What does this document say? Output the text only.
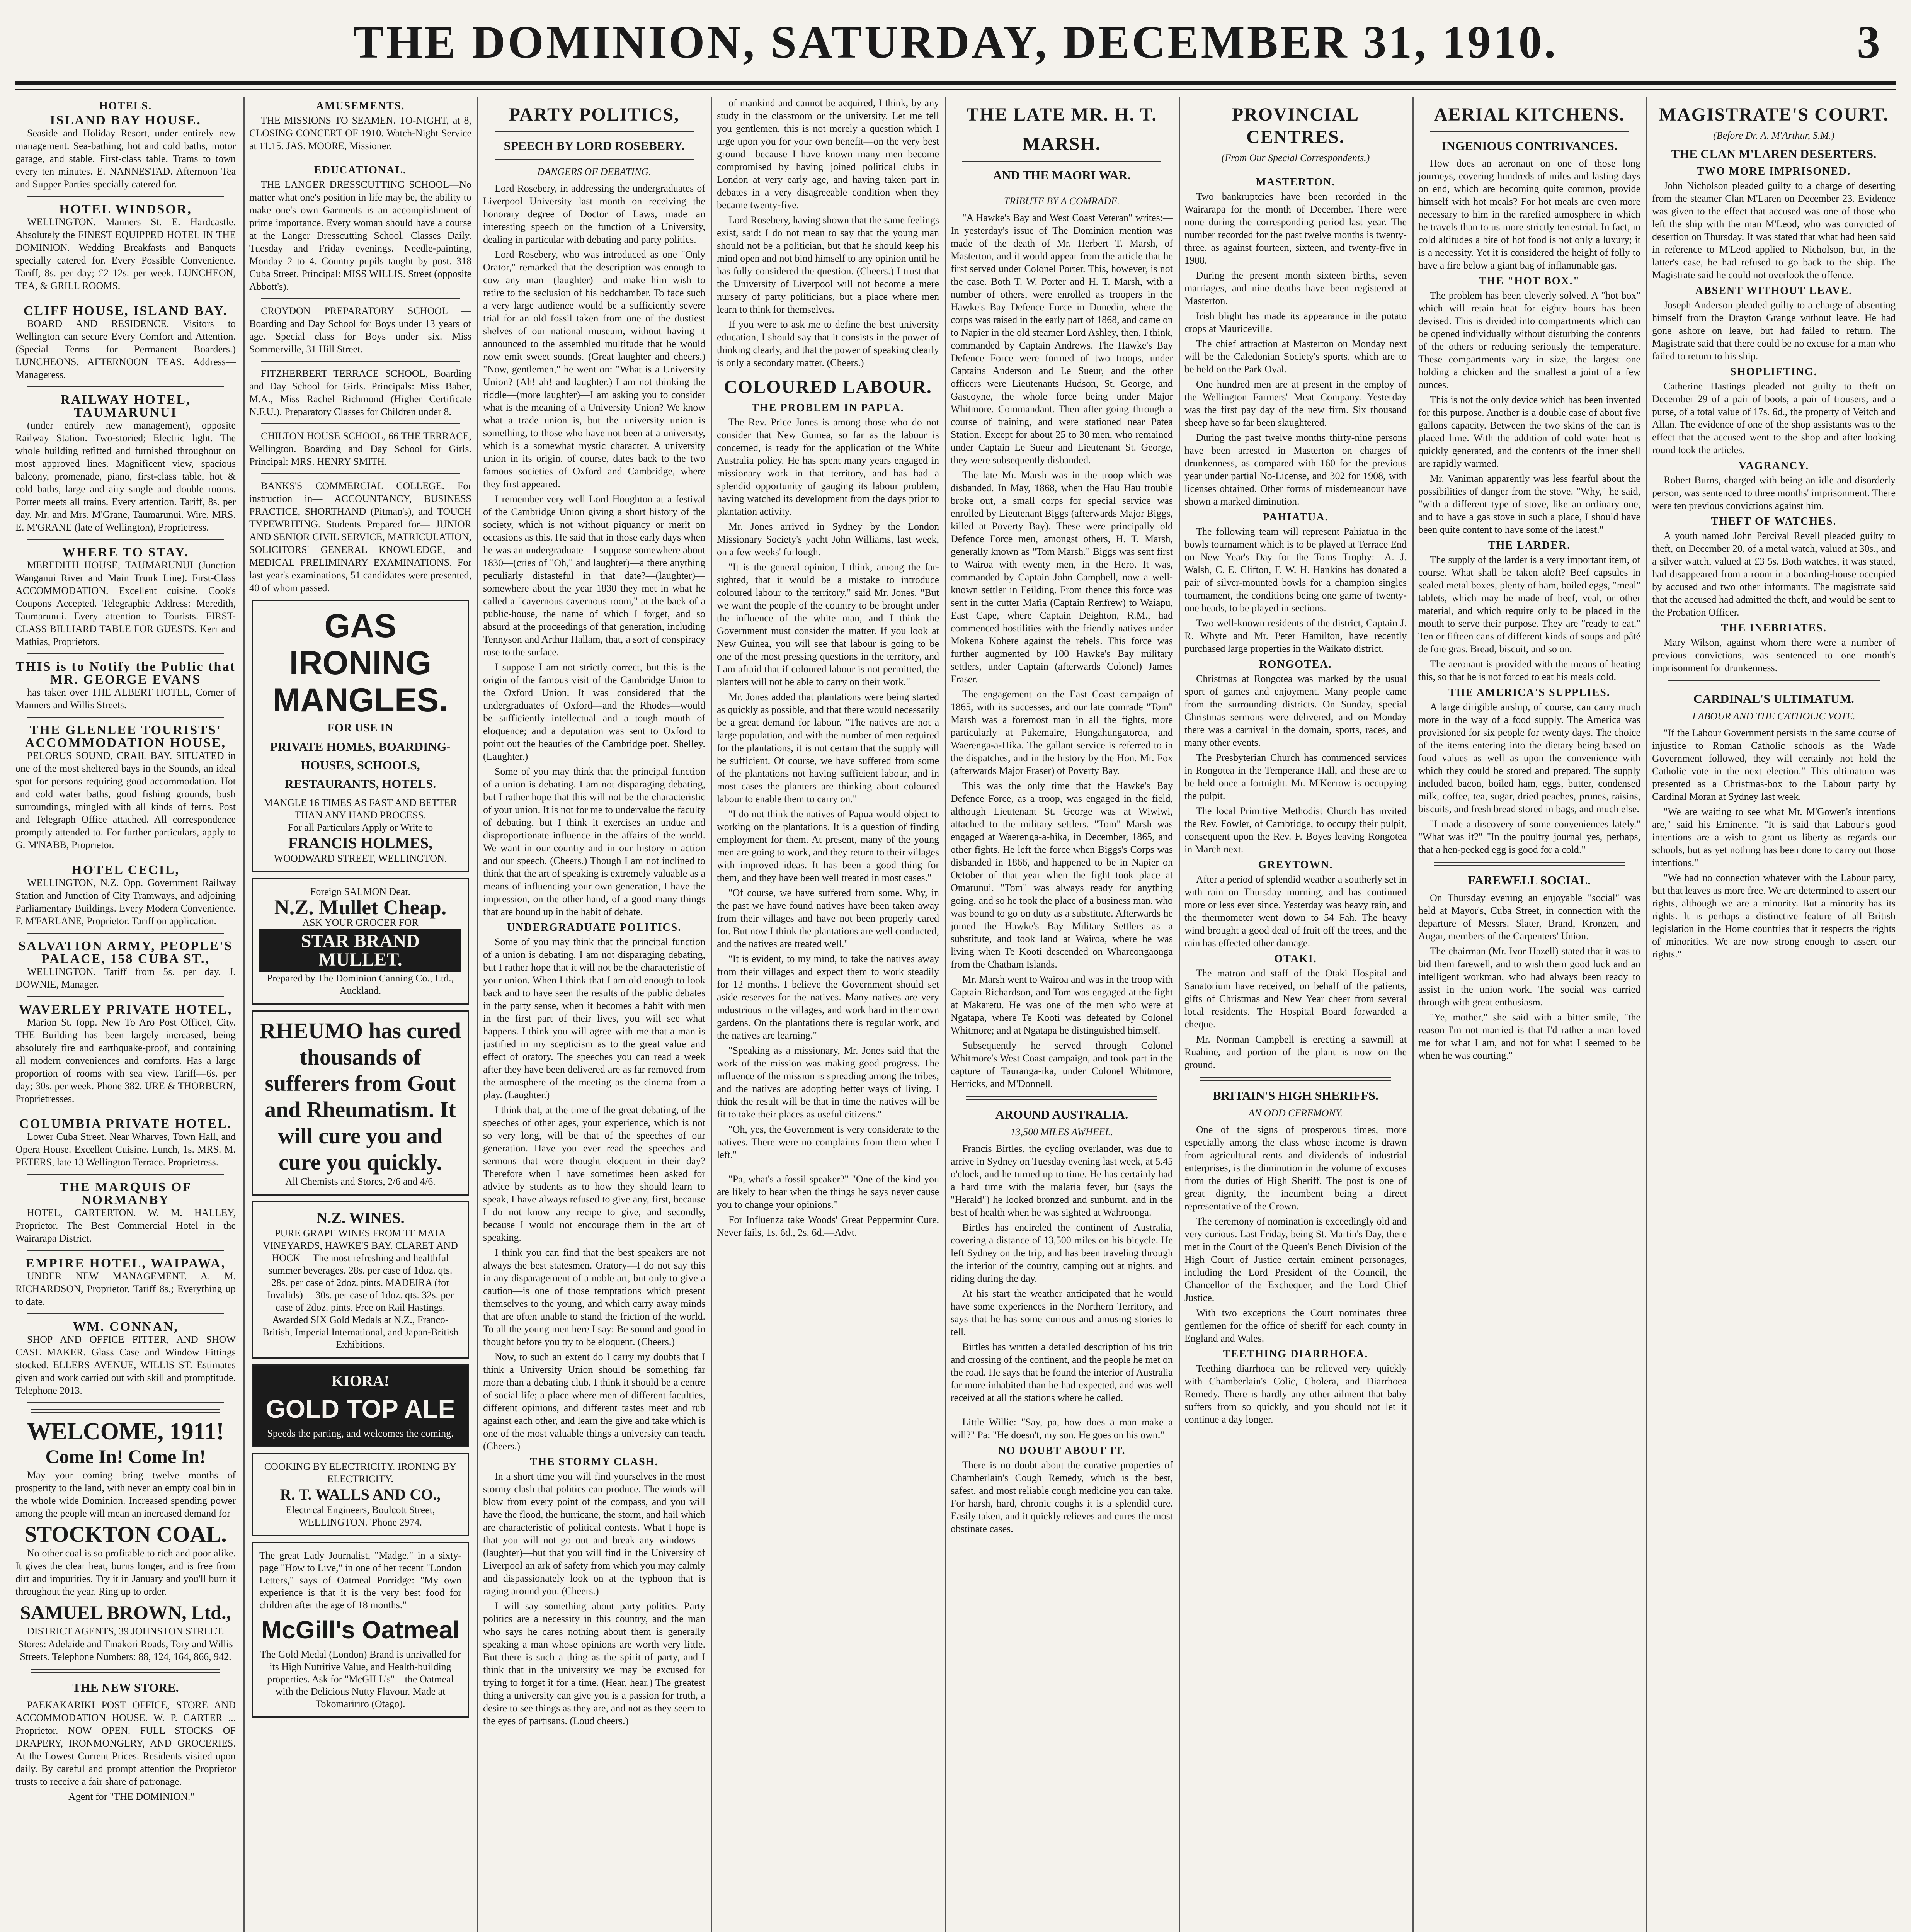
THE DOMINION, SATURDAY, DECEMBER 31, 1910.	3
HOTELS.
ISLAND BAY HOUSE.

Seaside and Holiday Resort, under entirely new management. Sea-bathing, hot and cold baths, motor garage, and stable. First-class table. Trams to town every ten minutes. E. NANNESTAD. Afternoon Tea and Supper Parties specially catered for.

HOTEL WINDSOR,

WELLINGTON. Manners St. E. Hardcastle. Absolutely the FINEST EQUIPPED HOTEL IN THE DOMINION. Wedding Breakfasts and Banquets specially catered for. Every Possible Convenience. Tariff, 8s. per day; £2 12s. per week. LUNCHEON, TEA, & GRILL ROOMS.

CLIFF HOUSE, ISLAND BAY.

BOARD AND RESIDENCE. Visitors to Wellington can secure Every Comfort and Attention. (Special Terms for Permanent Boarders.) LUNCHEONS. AFTERNOON TEAS. Address—Manageress.

RAILWAY HOTEL, TAUMARUNUI

(under entirely new management), opposite Railway Station. Two-storied; Electric light. The whole building refitted and furnished throughout on most approved lines. Magnificent view, spacious balcony, promenade, piano, first-class table, hot & cold baths, large and airy single and double rooms. Porter meets all trains. Every attention. Tariff, 8s. per day. Mr. and Mrs. M'Grane, Taumarunui. Wire, MRS. E. M'GRANE (late of Wellington), Proprietress.

WHERE TO STAY.

MEREDITH HOUSE, TAUMARUNUI (Junction Wanganui River and Main Trunk Line). First-Class ACCOMMODATION. Excellent cuisine. Cook's Coupons Accepted. Telegraphic Address: Meredith, Taumarunui. Every attention to Tourists. FIRST-CLASS BILLIARD TABLE FOR GUESTS. Kerr and Mathias, Proprietors.

THIS is to Notify the Public that MR. GEORGE EVANS

has taken over THE ALBERT HOTEL, Corner of Manners and Willis Streets.

THE GLENLEE TOURISTS' ACCOMMODATION HOUSE,

PELORUS SOUND, CRAIL BAY. SITUATED in one of the most sheltered bays in the Sounds, an ideal spot for persons requiring good accommodation. Hot and cold water baths, good fishing grounds, bush surroundings, mingled with all kinds of ferns. Post and Telegraph Office attached. All correspondence promptly attended to. For further particulars, apply to G. M'NABB, Proprietor.

HOTEL CECIL,

WELLINGTON, N.Z. Opp. Government Railway Station and Junction of City Tramways, and adjoining Parliamentary Buildings. Every Modern Convenience. F. M'FARLANE, Proprietor. Tariff on application.

SALVATION ARMY, PEOPLE'S PALACE, 158 CUBA ST.,

WELLINGTON. Tariff from 5s. per day. J. DOWNIE, Manager.

WAVERLEY PRIVATE HOTEL,

Marion St. (opp. New To Aro Post Office), City. THE Building has been largely increased, being absolutely fire and earthquake-proof, and containing all modern conveniences and comforts. Has a large proportion of rooms with sea view. Tariff—6s. per day; 30s. per week. Phone 382. URE & THORBURN, Proprietresses.

COLUMBIA PRIVATE HOTEL.

Lower Cuba Street. Near Wharves, Town Hall, and Opera House. Excellent Cuisine. Lunch, 1s. MRS. M. PETERS, late 13 Wellington Terrace. Proprietress.

THE MARQUIS OF NORMANBY

HOTEL, CARTERTON. W. M. HALLEY, Proprietor. The Best Commercial Hotel in the Wairarapa District.

EMPIRE HOTEL, WAIPAWA,

UNDER NEW MANAGEMENT. A. M. RICHARDSON, Proprietor. Tariff 8s.; Everything up to date.

WM. CONNAN,

SHOP AND OFFICE FITTER, AND SHOW CASE MAKER. Glass Case and Window Fittings stocked. ELLERS AVENUE, WILLIS ST. Estimates given and work carried out with skill and promptitude. Telephone 2013.

WELCOME, 1911!
Come In! Come In!

May your coming bring twelve months of prosperity to the land, with never an empty coal bin in the whole wide Dominion. Increased spending power among the people will mean an increased demand for

STOCKTON COAL.

No other coal is so profitable to rich and poor alike. It gives the clear heat, burns longer, and is free from dirt and impurities. Try it in January and you'll burn it throughout the year. Ring up to order.

SAMUEL BROWN, Ltd.,

DISTRICT AGENTS, 39 JOHNSTON STREET. Stores: Adelaide and Tinakori Roads, Tory and Willis Streets. Telephone Numbers: 88, 124, 164, 866, 942.

THE NEW STORE.

PAEKAKARIKI POST OFFICE, STORE AND ACCOMMODATION HOUSE. W. P. CARTER ... Proprietor. NOW OPEN. FULL STOCKS OF DRAPERY, IRONMONGERY, AND GROCERIES. At the Lowest Current Prices. Residents visited upon daily. By careful and prompt attention the Proprietor trusts to receive a fair share of patronage.

Agent for "THE DOMINION."

AMUSEMENTS.

THE MISSIONS TO SEAMEN. TO-NIGHT, at 8, CLOSING CONCERT OF 1910. Watch-Night Service at 11.15. JAS. MOORE, Missioner.

EDUCATIONAL.

THE LANGER DRESSCUTTING SCHOOL—No matter what one's position in life may be, the ability to make one's own Garments is an accomplishment of prime importance. Every woman should have a course at the Langer Dresscutting School. Classes Daily. Tuesday and Friday evenings. Needle-painting, Monday 2 to 4. Country pupils taught by post. 318 Cuba Street. Principal: MISS WILLIS. Street (opposite Abbott's).

CROYDON PREPARATORY SCHOOL — Boarding and Day School for Boys under 13 years of age. Special class for Boys under six. Miss Sommerville, 31 Hill Street.

FITZHERBERT TERRACE SCHOOL, Boarding and Day School for Girls. Principals: Miss Baber, M.A., Miss Rachel Richmond (Higher Certificate N.F.U.). Preparatory Classes for Children under 8.

CHILTON HOUSE SCHOOL, 66 THE TERRACE, Wellington. Boarding and Day School for Girls. Principal: MRS. HENRY SMITH.

BANKS'S COMMERCIAL COLLEGE. For instruction in— ACCOUNTANCY, BUSINESS PRACTICE, SHORTHAND (Pitman's), and TOUCH TYPEWRITING. Students Prepared for— JUNIOR AND SENIOR CIVIL SERVICE, MATRICULATION, SOLICITORS' GENERAL KNOWLEDGE, and MEDICAL PRELIMINARY EXAMINATIONS. For last year's examinations, 51 candidates were presented, 40 of whom passed.

GAS
IRONING
MANGLES.
FOR USE IN
PRIVATE HOMES, BOARDING-HOUSES, SCHOOLS, RESTAURANTS, HOTELS.
MANGLE 16 TIMES AS FAST AND BETTER THAN ANY HAND PROCESS.
For all Particulars Apply or Write to
FRANCIS HOLMES,
WOODWARD STREET, WELLINGTON.
Foreign SALMON Dear.
N.Z. Mullet Cheap.
ASK YOUR GROCER FOR
STAR BRAND MULLET.
Prepared by The Dominion Canning Co., Ltd., Auckland.
RHEUMO has cured thousands of sufferers from Gout and Rheumatism. It will cure you and cure you quickly.
All Chemists and Stores, 2/6 and 4/6.
N.Z. WINES.
PURE GRAPE WINES FROM TE MATA VINEYARDS, HAWKE'S BAY. CLARET AND HOCK— The most refreshing and healthful summer beverages. 28s. per case of 1doz. qts. 28s. per case of 2doz. pints. MADEIRA (for Invalids)— 30s. per case of 1doz. qts. 32s. per case of 2doz. pints. Free on Rail Hastings. Awarded SIX Gold Medals at N.Z., Franco-British, Imperial International, and Japan-British Exhibitions.
KIORA!
GOLD TOP ALE
Speeds the parting, and welcomes the coming.
COOKING BY ELECTRICITY. IRONING BY ELECTRICITY.
R. T. WALLS AND CO.,
Electrical Engineers, Boulcott Street, WELLINGTON. 'Phone 2974.
The great Lady Journalist, "Madge," in a sixty-page "How to Live," in one of her recent "London Letters," says of Oatmeal Porridge: "My own experience is that it is the very best food for children after the age of 18 months."
McGill's Oatmeal
The Gold Medal (London) Brand is unrivalled for its High Nutritive Value, and Health-building properties. Ask for "McGILL's"—the Oatmeal with the Delicious Nutty Flavour. Made at Tokomaririro (Otago).
PARTY POLITICS,
SPEECH BY LORD ROSEBERY.
DANGERS OF DEBATING.

Lord Rosebery, in addressing the undergraduates of Liverpool University last month on receiving the honorary degree of Doctor of Laws, made an interesting speech on the function of a University, dealing in particular with debating and party politics.

Lord Rosebery, who was introduced as one "Only Orator," remarked that the description was enough to cow any man—(laughter)—and make him wish to retire to the seclusion of his bedchamber. To face such a very large audience would be a sufficiently severe trial for an old fossil taken from one of the dustiest shelves of our national museum, without having it announced to the assembled multitude that he would now emit sweet sounds. (Great laughter and cheers.) "Now, gentlemen," he went on: "What is a University Union? (Ah! ah! and laughter.) I am not thinking the riddle—(more laughter)—I am asking you to consider what is the meaning of a University Union? We know what a trade union is, but the university union is something, to those who have not been at a university, which is a somewhat mystic character. A university union in its origin, of course, dates back to the two famous societies of Oxford and Cambridge, where they first appeared.

I remember very well Lord Houghton at a festival of the Cambridge Union giving a short history of the society, which is not without piquancy or merit on occasions as this. He said that in those early days when he was an undergraduate—I suppose somewhere about 1830—(cries of "Oh," and laughter)—a there anything peculiarly distasteful in that date?—(laughter)—somewhere about the year 1830 they met in what he called a "cavernous cavernous room," at the back of a public-house, the name of which I forget, and so absurd at the proceedings of that generation, including Tennyson and Arthur Hallam, that, a sort of conspiracy rose to the surface.

I suppose I am not strictly correct, but this is the origin of the famous visit of the Cambridge Union to the Oxford Union. It was considered that the undergraduates of Oxford—and the Rhodes—would be sufficiently intellectual and a tough mouth of eloquence; and a deputation was sent to Oxford to point out the beauties of the Cambridge poet, Shelley. (Laughter.)

Some of you may think that the principal function of a union is debating. I am not disparaging debating, but I rather hope that this will not be the characteristic of your union. It is not for me to undervalue the faculty of debating, but I think it exercises an undue and disproportionate influence in the affairs of the world. We want in our country and in our history in action and our speech. (Cheers.) Though I am not inclined to think that the art of speaking is extremely valuable as a means of influencing your own generation, I have the impression, on the other hand, of a good many things that are bound up in the habit of debate.

UNDERGRADUATE POLITICS.

Some of you may think that the principal function of a union is debating. I am not disparaging debating, but I rather hope that it will not be the characteristic of your union. When I think that I am old enough to look back and to have seen the results of the public debates in the party sense, when it becomes a habit with men in the first part of their lives, you will see what happens. I think you will agree with me that a man is justified in my scepticism as to the great value and effect of oratory. The speeches you can read a week after they have been delivered are as far removed from the atmosphere of the meeting as the cinema from a play. (Laughter.)

I think that, at the time of the great debating, of the speeches of other ages, your experience, which is not so very long, will be that of the speeches of our generation. Have you ever read the speeches and sermons that were thought eloquent in their day? Therefore when I have sometimes been asked for advice by students as to how they should learn to speak, I have always refused to give any, first, because I do not know any recipe to give, and secondly, because I would not encourage them in the art of speaking.

I think you can find that the best speakers are not always the best statesmen. Oratory—I do not say this in any disparagement of a noble art, but only to give a caution—is one of those temptations which present themselves to the young, and which carry away minds that are often unable to stand the friction of the world. To all the young men here I say: Be sound and good in thought before you try to be eloquent. (Cheers.)

Now, to such an extent do I carry my doubts that I think a University Union should be something far more than a debating club. I think it should be a centre of social life; a place where men of different faculties, different opinions, and different tastes meet and rub against each other, and learn the give and take which is one of the most valuable things a university can teach. (Cheers.)

THE STORMY CLASH.

In a short time you will find yourselves in the most stormy clash that politics can produce. The winds will blow from every point of the compass, and you will have the flood, the hurricane, the storm, and hail which are characteristic of political contests. What I hope is that you will not go out and break any windows—(laughter)—but that you will find in the University of Liverpool an ark of safety from which you may calmly and dispassionately look on at the typhoon that is raging around you. (Cheers.)

I will say something about party politics. Party politics are a necessity in this country, and the man who says he cares nothing about them is generally speaking a man whose opinions are worth very little. But there is such a thing as the spirit of party, and I think that in the university we may be excused for trying to forget it for a time. (Hear, hear.) The greatest thing a university can give you is a passion for truth, a desire to see things as they are, and not as they seem to the eyes of partisans. (Loud cheers.)

of mankind and cannot be acquired, I think, by any study in the classroom or the university. Let me tell you gentlemen, this is not merely a question which I urge upon you for your own benefit—on the very best ground—because I have known many men become compromised by having joined political clubs in London at very early age, and having taken part in debates in a very disagreeable condition when they became twenty-five.

Lord Rosebery, having shown that the same feelings exist, said: I do not mean to say that the young man should not be a politician, but that he should keep his mind open and not bind himself to any opinion until he has fully considered the question. (Cheers.) I trust that the University of Liverpool will not become a mere nursery of party politicians, but a place where men learn to think for themselves.

If you were to ask me to define the best university education, I should say that it consists in the power of thinking clearly, and that the power of speaking clearly is only a secondary matter. (Cheers.)

COLOURED LABOUR.
THE PROBLEM IN PAPUA.

The Rev. Price Jones is among those who do not consider that New Guinea, so far as the labour is concerned, is ready for the application of the White Australia policy. He has spent many years engaged in missionary work in that territory, and has had a splendid opportunity of gauging its labour problem, having watched its development from the days prior to plantation activity.

Mr. Jones arrived in Sydney by the London Missionary Society's yacht John Williams, last week, on a few weeks' furlough.

"It is the general opinion, I think, among the far-sighted, that it would be a mistake to introduce coloured labour to the territory," said Mr. Jones. "But we want the people of the country to be brought under the influence of the white man, and I think the Government must consider the matter. If you look at New Guinea, you will see that labour is going to be one of the most pressing questions in the territory, and I am afraid that if coloured labour is not permitted, the planters will not be able to carry on their work."

Mr. Jones added that plantations were being started as quickly as possible, and that there would necessarily be a great demand for labour. "The natives are not a large population, and with the number of men required for the plantations, it is not certain that the supply will be sufficient. Of course, we have suffered from some of the plantations not having sufficient labour, and in most cases the planters are thinking about coloured labour to enable them to carry on."

"I do not think the natives of Papua would object to working on the plantations. It is a question of finding employment for them. At present, many of the young men are going to work, and they return to their villages with improved ideas. It has been a good thing for them, and they have been well treated in most cases."

"Of course, we have suffered from some. Why, in the past we have found natives have been taken away from their villages and have not been properly cared for. But now I think the plantations are well conducted, and the natives are treated well."

"It is evident, to my mind, to take the natives away from their villages and expect them to work steadily for 12 months. I believe the Government should set aside reserves for the natives. Many natives are very industrious in the villages, and work hard in their own gardens. On the plantations there is regular work, and the natives are learning."

"Speaking as a missionary, Mr. Jones said that the work of the mission was making good progress. The influence of the mission is spreading among the tribes, and the natives are adopting better ways of living. I think the result will be that in time the natives will be fit to take their places as useful citizens."

"Oh, yes, the Government is very considerate to the natives. There were no complaints from them when I left."

"Pa, what's a fossil speaker?" "One of the kind you are likely to hear when the things he says never cause you to change your opinions."

For Influenza take Woods' Great Peppermint Cure. Never fails, 1s. 6d., 2s. 6d.—Advt.

THE LATE MR. H. T.
MARSH.
AND THE MAORI WAR.
TRIBUTE BY A COMRADE.

"A Hawke's Bay and West Coast Veteran" writes:—In yesterday's issue of The Dominion mention was made of the death of Mr. Herbert T. Marsh, of Masterton, and it would appear from the article that he first served under Colonel Porter. This, however, is not the case. Both T. W. Porter and H. T. Marsh, with a number of others, were enrolled as troopers in the Hawke's Bay Defence Force in Dunedin, where the corps was raised in the early part of 1868, and came on to Napier in the old steamer Lord Ashley, then, I think, commanded by Captain Andrews. The Hawke's Bay Defence Force were formed of two troops, under Captains Anderson and Le Sueur, and the other officers were Lieutenants Hudson, St. George, and Gascoyne, the whole force being under Major Whitmore. Commandant. Then after going through a course of training, and were stationed near Patea Station. Except for about 25 to 30 men, who remained under Captain Le Sueur and Lieutenant St. George, they were subsequently disbanded.

The late Mr. Marsh was in the troop which was disbanded. In May, 1868, when the Hau Hau trouble broke out, a small corps for special service was enrolled by Lieutenant Biggs (afterwards Major Biggs, killed at Poverty Bay). These were principally old Defence Force men, amongst others, H. T. Marsh, generally known as "Tom Marsh." Biggs was sent first to Wairoa with twenty men, in the Hero. It was, commanded by Captain John Campbell, now a well-known settler in Feilding. From thence this force was sent in the cutter Mafia (Captain Renfrew) to Waiapu, East Cape, where Captain Deighton, R.M., had commenced hostilities with the friendly natives under Mokena Kohere against the rebels. This force was further augmented by 100 Hawke's Bay military settlers, under Captain (afterwards Colonel) James Fraser.

The engagement on the East Coast campaign of 1865, with its successes, and our late comrade "Tom" Marsh was a foremost man in all the fights, more particularly at Pukemaire, Hungahungatoroa, and Waerenga-a-Hika. The gallant service is referred to in the dispatches, and in the history by the Hon. Mr. Fox (afterwards Major Fraser) of Poverty Bay.

This was the only time that the Hawke's Bay Defence Force, as a troop, was engaged in the field, although Lieutenant St. George was at Wiwiwi, attached to the military settlers. "Tom" Marsh was engaged at Waerenga-a-hika, in December, 1865, and other fights. He left the force when Biggs's Corps was disbanded in 1866, and happened to be in Napier on October of that year when the fight took place at Omarunui. "Tom" was always ready for anything going, and so he took the place of a business man, who was bound to go on duty as a substitute. Afterwards he joined the Hawke's Bay Military Settlers as a substitute, and took land at Wairoa, where he was living when Te Kooti descended on Whareongaonga from the Chatham Islands.

Mr. Marsh went to Wairoa and was in the troop with Captain Richardson, and Tom was engaged at the fight at Makaretu. He was one of the men who were at Ngatapa, where Te Kooti was defeated by Colonel Whitmore; and at Ngatapa he distinguished himself.

Subsequently he served through Colonel Whitmore's West Coast campaign, and took part in the capture of Tauranga-ika, under Colonel Whitmore, Herricks, and M'Donnell.

AROUND AUSTRALIA.
13,500 MILES AWHEEL.

Francis Birtles, the cycling overlander, was due to arrive in Sydney on Tuesday evening last week, at 5.45 o'clock, and he turned up to time. He has certainly had a hard time with the malaria fever, but (says the "Herald") he looked bronzed and sunburnt, and in the best of health when he was sighted at Wahroonga.

Birtles has encircled the continent of Australia, covering a distance of 13,500 miles on his bicycle. He left Sydney on the trip, and has been traveling through the interior of the country, camping out at nights, and riding during the day.

At his start the weather anticipated that he would have some experiences in the Northern Territory, and says that he has some curious and amusing stories to tell.

Birtles has written a detailed description of his trip and crossing of the continent, and the people he met on the road. He says that he found the interior of Australia far more inhabited than he had expected, and was well received at all the stations where he called.

Little Willie: "Say, pa, how does a man make a will?" Pa: "He doesn't, my son. He goes on his own."

NO DOUBT ABOUT IT.

There is no doubt about the curative properties of Chamberlain's Cough Remedy, which is the best, safest, and most reliable cough medicine you can take. For harsh, hard, chronic coughs it is a splendid cure. Easily taken, and it quickly relieves and cures the most obstinate cases.

PROVINCIAL CENTRES.
(From Our Special Correspondents.)
MASTERTON.

Two bankruptcies have been recorded in the Wairarapa for the month of December. There were none during the corresponding period last year. The number recorded for the past twelve months is twenty-three, as against fourteen, sixteen, and twenty-five in 1908.

During the present month sixteen births, seven marriages, and nine deaths have been registered at Masterton.

Irish blight has made its appearance in the potato crops at Mauriceville.

The chief attraction at Masterton on Monday next will be the Caledonian Society's sports, which are to be held on the Park Oval.

One hundred men are at present in the employ of the Wellington Farmers' Meat Company. Yesterday was the first pay day of the new firm. Six thousand sheep have so far been slaughtered.

During the past twelve months thirty-nine persons have been arrested in Masterton on charges of drunkenness, as compared with 160 for the previous year under partial No-License, and 302 for 1908, with licenses obtained. Other forms of misdemeanour have shown a marked diminution.

PAHIATUA.

The following team will represent Pahiatua in the bowls tournament which is to be played at Terrace End on New Year's Day for the Toms Trophy:—A. J. Walsh, C. E. Clifton, F. W. H. Hankins has donated a pair of silver-mounted bowls for a champion singles tournament, the conditions being one game of twenty-one heads, to be played in sections.

Two well-known residents of the district, Captain J. R. Whyte and Mr. Peter Hamilton, have recently purchased large properties in the Waikato district.

RONGOTEA.

Christmas at Rongotea was marked by the usual sport of games and enjoyment. Many people came from the surrounding districts. On Sunday, special Christmas sermons were delivered, and on Monday there was a carnival in the domain, sports, races, and many other events.

The Presbyterian Church has commenced services in Rongotea in the Temperance Hall, and these are to be held once a fortnight. Mr. M'Kerrow is occupying the pulpit.

The local Primitive Methodist Church has invited the Rev. Fowler, of Cambridge, to occupy their pulpit, consequent upon the Rev. F. Boyes leaving Rongotea in March next.

GREYTOWN.

After a period of splendid weather a southerly set in with rain on Thursday morning, and has continued more or less ever since. Yesterday was heavy rain, and the thermometer went down to 54 Fah. The heavy wind brought a good deal of fruit off the trees, and the rain has effected other damage.

OTAKI.

The matron and staff of the Otaki Hospital and Sanatorium have received, on behalf of the patients, gifts of Christmas and New Year cheer from several local residents. The Hospital Board forwarded a cheque.

Mr. Norman Campbell is erecting a sawmill at Ruahine, and portion of the plant is now on the ground.

BRITAIN'S HIGH SHERIFFS.
AN ODD CEREMONY.

One of the signs of prosperous times, more especially among the class whose income is drawn from agricultural rents and dividends of industrial enterprises, is the diminution in the volume of excuses from the duties of High Sheriff. The post is one of great dignity, the incumbent being a direct representative of the Crown.

The ceremony of nomination is exceedingly old and very curious. Last Friday, being St. Martin's Day, there met in the Court of the Queen's Bench Division of the High Court of Justice certain eminent personages, including the Lord President of the Council, the Chancellor of the Exchequer, and the Lord Chief Justice.

With two exceptions the Court nominates three gentlemen for the office of sheriff for each county in England and Wales.

TEETHING DIARRHOEA.

Teething diarrhoea can be relieved very quickly with Chamberlain's Colic, Cholera, and Diarrhoea Remedy. There is hardly any other ailment that baby suffers from so quickly, and you should not let it continue a day longer.

AERIAL KITCHENS.
INGENIOUS CONTRIVANCES.

How does an aeronaut on one of those long journeys, covering hundreds of miles and lasting days on end, which are becoming quite common, provide himself with hot meals? For hot meals are even more necessary to him in the rarefied atmosphere in which he travels than to us more strictly terrestrial. In fact, in cold altitudes a bite of hot food is not only a luxury; it is a necessity. Yet it is considered the height of folly to have a fire below a giant bag of inflammable gas.

THE "HOT BOX."

The problem has been cleverly solved. A "hot box" which will retain heat for eighty hours has been devised. This is divided into compartments which can be opened individually without disturbing the contents of the others or reducing seriously the temperature. These compartments vary in size, the largest one holding a chicken and the smallest a joint of a few ounces.

This is not the only device which has been invented for this purpose. Another is a double case of about five gallons capacity. Between the two skins of the can is placed lime. With the addition of cold water heat is quickly generated, and the contents of the inner shell are rapidly warmed.

Mr. Vaniman apparently was less fearful about the possibilities of danger from the stove. "Why," he said, "with a different type of stove, like an ordinary one, and to have a gas stove in such a place, I should have been quite content to have some of the latest."

THE LARDER.

The supply of the larder is a very important item, of course. What shall be taken aloft? Beef capsules in sealed metal boxes, plenty of ham, boiled eggs, "meal" tablets, which may be made of beef, veal, or other material, and which require only to be placed in the mouth to serve their purpose. They are "ready to eat." Ten or fifteen cans of different kinds of soups and pâté de foie gras. Bread, biscuit, and so on.

The aeronaut is provided with the means of heating this, so that he is not forced to eat his meals cold.

THE AMERICA'S SUPPLIES.

A large dirigible airship, of course, can carry much more in the way of a food supply. The America was provisioned for six people for twenty days. The choice of the items entering into the dietary being based on food values as well as upon the convenience with which they could be stored and prepared. The supply included bacon, boiled ham, eggs, butter, condensed milk, coffee, tea, sugar, dried peaches, prunes, raisins, biscuits, and fresh bread stored in bags, and much else.

"I made a discovery of some conveniences lately." "What was it?" "In the poultry journal yes, perhaps, that a hen-pecked egg is good for a cold."

FAREWELL SOCIAL.

On Thursday evening an enjoyable "social" was held at Mayor's, Cuba Street, in connection with the departure of Messrs. Slater, Brand, Kronzen, and Augar, members of the Carpenters' Union.

The chairman (Mr. Ivor Hazell) stated that it was to bid them farewell, and to wish them good luck and an intelligent workman, who had always been ready to assist in the union work. The social was carried through with great enthusiasm.

"Ye, mother," she said with a bitter smile, "the reason I'm not married is that I'd rather a man loved me for what I am, and not for what I seemed to be when he was courting."

MAGISTRATE'S COURT.
(Before Dr. A. M'Arthur, S.M.)
THE CLAN M'LAREN DESERTERS.
TWO MORE IMPRISONED.

John Nicholson pleaded guilty to a charge of deserting from the steamer Clan M'Laren on December 23. Evidence was given to the effect that accused was one of those who left the ship with the man M'Leod, who was convicted of desertion on Thursday. It was stated that what had been said in reference to M'Leod applied to Nicholson, but, in the latter's case, he had refused to go back to the ship. The Magistrate said he could not overlook the offence.

ABSENT WITHOUT LEAVE.

Joseph Anderson pleaded guilty to a charge of absenting himself from the Drayton Grange without leave. He had gone ashore on leave, but had failed to return. The Magistrate said that there could be no excuse for a man who failed to return to his ship.

SHOPLIFTING.

Catherine Hastings pleaded not guilty to theft on December 29 of a pair of boots, a pair of trousers, and a purse, of a total value of 17s. 6d., the property of Veitch and Allan. The evidence of one of the shop assistants was to the effect that the accused went to the shop and after looking round took the articles.

VAGRANCY.

Robert Burns, charged with being an idle and disorderly person, was sentenced to three months' imprisonment. There were ten previous convictions against him.

THEFT OF WATCHES.

A youth named John Percival Revell pleaded guilty to theft, on December 20, of a metal watch, valued at 30s., and a silver watch, valued at £3 5s. Both watches, it was stated, had disappeared from a room in a boarding-house occupied by accused and two other informants. The magistrate said that the accused had admitted the theft, and would be sent to the Probation Officer.

THE INEBRIATES.

Mary Wilson, against whom there were a number of previous convictions, was sentenced to one month's imprisonment for drunkenness.

CARDINAL'S ULTIMATUM.
LABOUR AND THE CATHOLIC VOTE.

"If the Labour Government persists in the same course of injustice to Roman Catholic schools as the Wade Government followed, they will certainly not hold the Catholic vote in the next election." This ultimatum was presented as a Christmas-box to the Labour party by Cardinal Moran at Sydney last week.

"We are waiting to see what Mr. M'Gowen's intentions are," said his Eminence. "It is said that Labour's good intentions are a wish to grant us liberty as regards our schools, but as yet nothing has been done to carry out those intentions."

"We had no connection whatever with the Labour party, but that leaves us more free. We are determined to assert our rights, although we are a minority. But a minority has its rights. It is perhaps a distinctive feature of all British legislation in the Home countries that it respects the rights of minorities. We are now strong enough to assert our rights."
